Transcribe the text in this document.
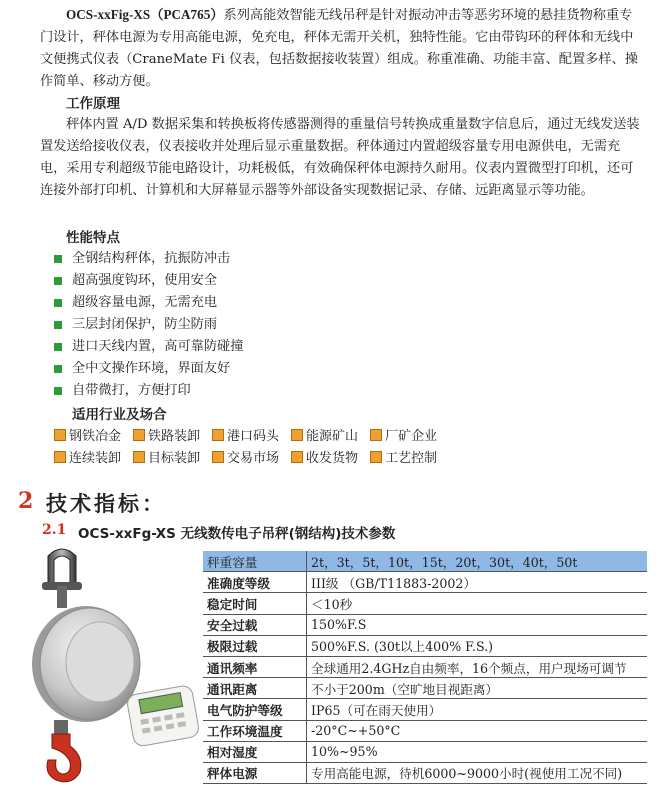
OCS-xxFig-XS（PCA765）系列高能效智能无线吊秤是针对振动冲击等恶劣环境的悬挂货物称重专门设计，秤体电源为专用高能电源，免充电，秤体无需开关机，独特性能。它由带钩环的秤体和无线中文便携式仪表（CraneMate Fi 仪表，包括数据接收装置）组成。称重准确、功能丰富、配置多样、操作简单、移动方便。

工作原理

秤体内置 A/D 数据采集和转换板将传感器测得的重量信号转换成重量数字信息后，通过无线发送装置发送给接收仪表，仪表接收并处理后显示重量数据。秤体通过内置超级容量专用电源供电，无需充电，采用专利超级节能电路设计，功耗极低，有效确保秤体电源持久耐用。仪表内置微型打印机，还可连接外部打印机、计算机和大屏幕显示器等外部设备实现数据记录、存储、远距离显示等功能。

性能特点
全钢结构秤体，抗振防冲击
超高强度钩环，使用安全
超级容量电源，无需充电
三层封闭保护，防尘防雨
进口天线内置，高可靠防碰撞
全中文操作环境，界面友好
自带微打，方便打印
适用行业及场合
钢铁冶金 铁路装卸 港口码头 能源矿山 厂矿企业
连续装卸 目标装卸 交易市场 收发货物 工艺控制
2 技术指标：
2.1 OCS-xxFg-XS 无线数传电子吊秤(钢结构)技术参数
秤重容量	2t，3t，5t，10t，15t，20t，30t，40t，50t
准确度等级	III级 （GB/T11883-2002）
稳定时间	＜10秒
安全过载	150%F.S
极限过载	500%F.S. (30t以上400% F.S.)
通讯频率	全球通用2.4GHz自由频率，16个频点，用户现场可调节
通讯距离	不小于200m（空旷地目视距离）
电气防护等级	IP65（可在雨天使用）
工作环境温度	-20°C~+50°C
相对湿度	10%~95%
秤体电源	专用高能电源，待机6000~9000小时(视使用工况不同)
